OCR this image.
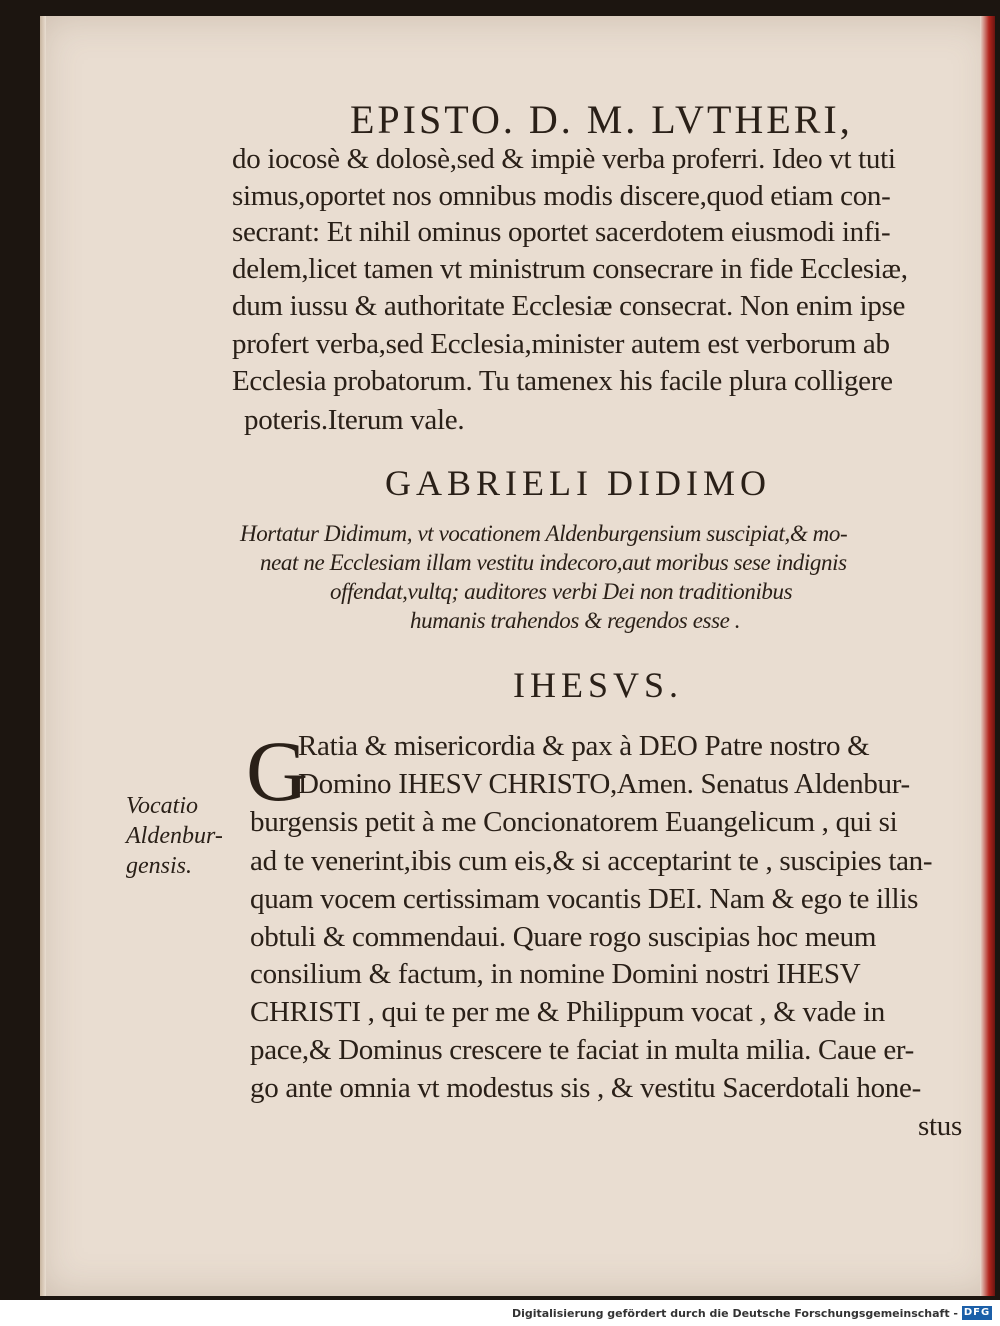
EPISTO. D. M. LVTHERI,
do iocosè & dolosè,sed & impiè verba proferri. Ideo vt tuti
simus,oportet nos omnibus modis discere,quod etiam con-
secrant: Et nihil ominus oportet sacerdotem eiusmodi infi-
delem,licet tamen vt ministrum consecrare in fide Ecclesiæ,
dum iussu & authoritate Ecclesiæ consecrat. Non enim ipse
profert verba,sed Ecclesia,minister autem est verborum ab
Ecclesia probatorum. Tu tamenex his facile plura colligere
poteris.Iterum vale.
GABRIELI DIDIMO
Hortatur Didimum, vt vocationem Aldenburgensium suscipiat,& mo-
neat ne Ecclesiam illam vestitu indecoro,aut moribus sese indignis
offendat,vultq; auditores verbi Dei non traditionibus
humanis trahendos & regendos esse .
IHESVS.
G
Ratia & misericordia & pax à DEO Patre nostro &
Domino IHESV CHRISTO,Amen. Senatus Aldenbur-
burgensis petit à me Concionatorem Euangelicum , qui si
ad te venerint,ibis cum eis,& si acceptarint te , suscipies tan-
quam vocem certissimam vocantis DEI. Nam & ego te illis
obtuli & commendaui. Quare rogo suscipias hoc meum
consilium & factum, in nomine Domini nostri IHESV
CHRISTI , qui te per me & Philippum vocat , & vade in
pace,& Dominus crescere te faciat in multa milia. Caue er-
go ante omnia vt modestus sis , & vestitu Sacerdotali hone-
stus
Vocatio
Aldenbur-
gensis.
Digitalisierung gefördert durch die Deutsche Forschungsgemeinschaft - DFG
